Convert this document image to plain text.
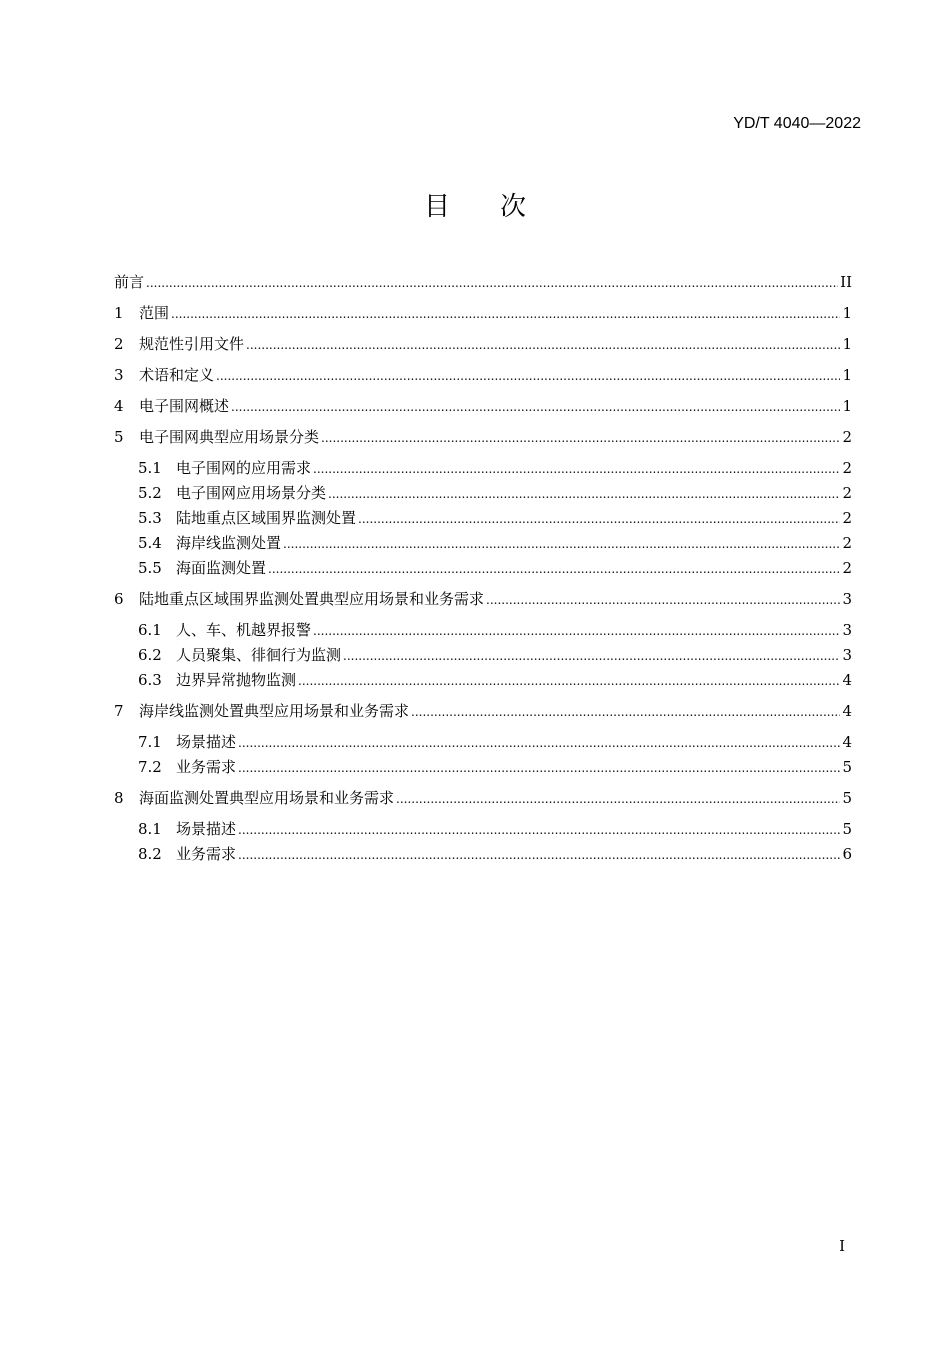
YD/T 4040—2022
目次
前言 .....	II
1	范围 .....	1
2	规范性引用文件 .....	1
3	术语和定义 .....	1
4	电子围网概述 .....	1
5	电子围网典型应用场景分类 .....	2
5.1 电子围网的应用需求 .....	2
5.2 电子围网应用场景分类 .....	2
5.3 陆地重点区域围界监测处置 .....	2
5.4 海岸线监测处置 .....	2
5.5 海面监测处置 .....	2
6	陆地重点区域围界监测处置典型应用场景和业务需求 .....	3
6.1 人、车、机越界报警 .....	3
6.2 人员聚集、徘徊行为监测 .....	3
6.3 边界异常抛物监测 .....	4
7	海岸线监测处置典型应用场景和业务需求 .....	4
7.1 场景描述 .....	4
7.2 业务需求 .....	5
8	海面监测处置典型应用场景和业务需求 .....	5
8.1 场景描述 .....	5
8.2 业务需求 .....	6
I
